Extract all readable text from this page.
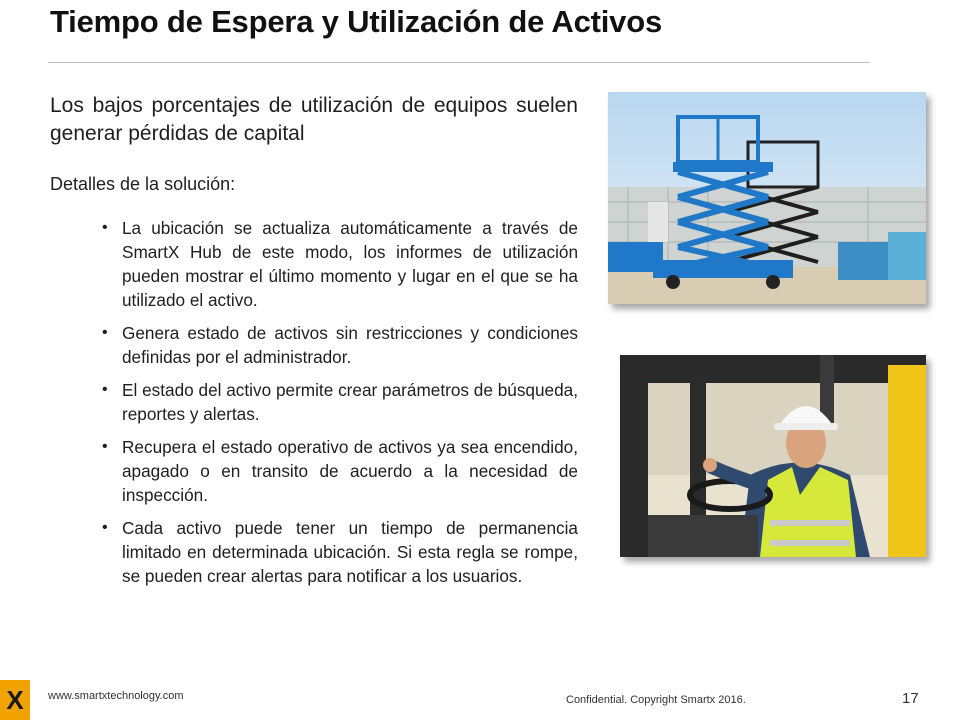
Tiempo de Espera y Utilización de Activos
Los bajos porcentajes de utilización de equipos suelen generar pérdidas de capital
Detalles de la solución:
• La ubicación se actualiza automáticamente a través de SmartX Hub de este modo, los informes de utilización pueden mostrar el último momento y lugar en el que se ha utilizado el activo.
• Genera estado de activos sin restricciones y condiciones definidas por el administrador.
• El estado del activo permite crear parámetros de búsqueda, reportes y alertas.
• Recupera el estado operativo de activos ya sea encendido, apagado o en transito de acuerdo a la necesidad de inspección.
• Cada activo puede tener un tiempo de permanencia limitado en determinada ubicación. Si esta regla se rompe, se pueden crear alertas para notificar a los usuarios.
X www.smartxtechnology.com	Confidential. Copyright Smartx 2016.	17
